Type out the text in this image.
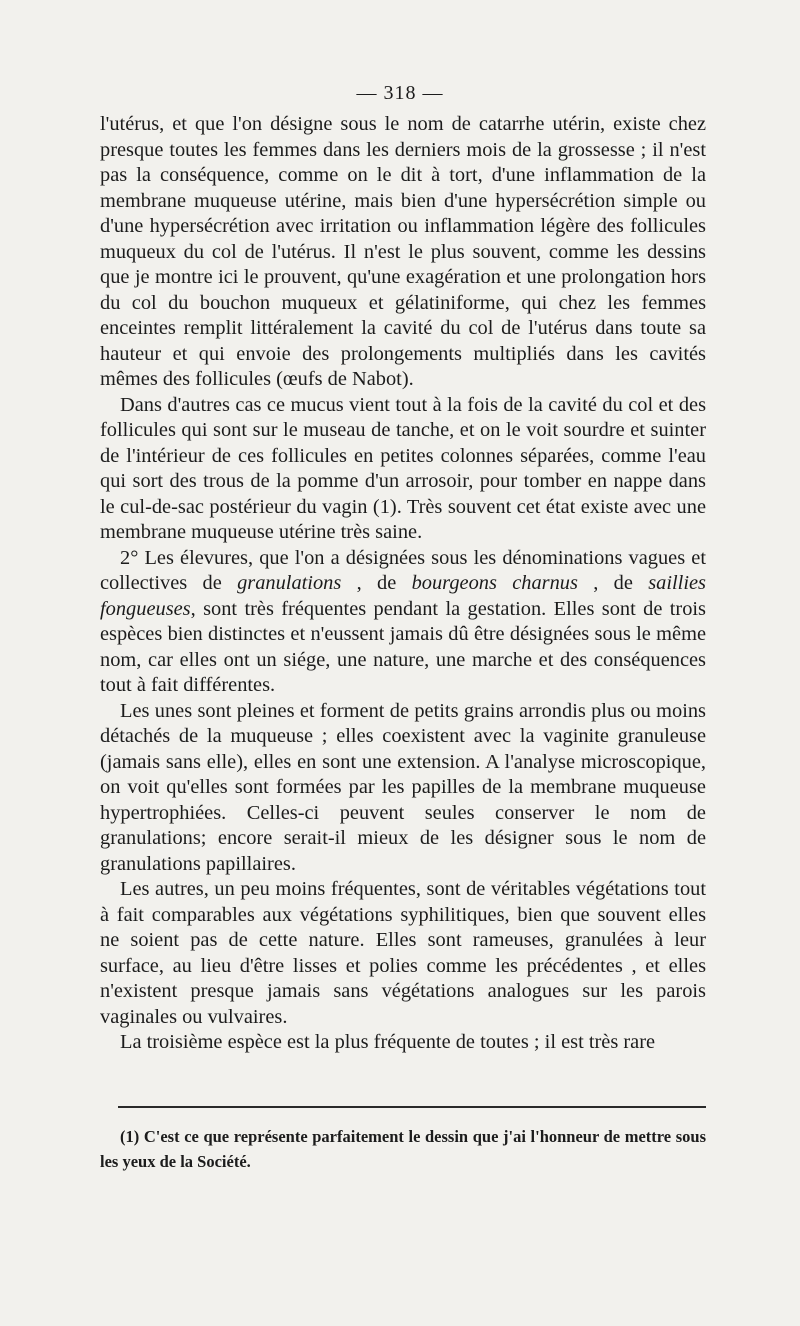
— 318 —

l'utérus, et que l'on désigne sous le nom de catarrhe utérin, existe chez presque toutes les femmes dans les derniers mois de la grossesse ; il n'est pas la conséquence, comme on le dit à tort, d'une inflammation de la membrane muqueuse utérine, mais bien d'une hypersécrétion simple ou d'une hypersécrétion avec irritation ou inflammation légère des follicules muqueux du col de l'utérus. Il n'est le plus souvent, comme les dessins que je montre ici le prouvent, qu'une exagération et une prolongation hors du col du bouchon muqueux et gélatiniforme, qui chez les femmes enceintes remplit littéralement la cavité du col de l'utérus dans toute sa hauteur et qui envoie des prolongements multipliés dans les cavités mêmes des follicules (œufs de Nabot).

Dans d'autres cas ce mucus vient tout à la fois de la cavité du col et des follicules qui sont sur le museau de tanche, et on le voit sourdre et suinter de l'intérieur de ces follicules en petites colonnes séparées, comme l'eau qui sort des trous de la pomme d'un arrosoir, pour tomber en nappe dans le cul-de-sac postérieur du vagin (1). Très souvent cet état existe avec une membrane muqueuse utérine très saine.

2° Les élevures, que l'on a désignées sous les dénominations vagues et collectives de granulations , de bourgeons charnus , de saillies fongueuses, sont très fréquentes pendant la gestation. Elles sont de trois espèces bien distinctes et n'eussent jamais dû être désignées sous le même nom, car elles ont un siége, une nature, une marche et des conséquences tout à fait différentes.

Les unes sont pleines et forment de petits grains arrondis plus ou moins détachés de la muqueuse ; elles coexistent avec la vaginite granuleuse (jamais sans elle), elles en sont une extension. A l'analyse microscopique, on voit qu'elles sont formées par les papilles de la membrane muqueuse hypertrophiées. Celles-ci peuvent seules conserver le nom de granulations; encore serait-il mieux de les désigner sous le nom de granulations papillaires.

Les autres, un peu moins fréquentes, sont de véritables végétations tout à fait comparables aux végétations syphilitiques, bien que souvent elles ne soient pas de cette nature. Elles sont rameuses, granulées à leur surface, au lieu d'être lisses et polies comme les précédentes , et elles n'existent presque jamais sans végétations analogues sur les parois vaginales ou vulvaires.

La troisième espèce est la plus fréquente de toutes ; il est très rare

(1) C'est ce que représente parfaitement le dessin que j'ai l'honneur de mettre sous les yeux de la Société.
